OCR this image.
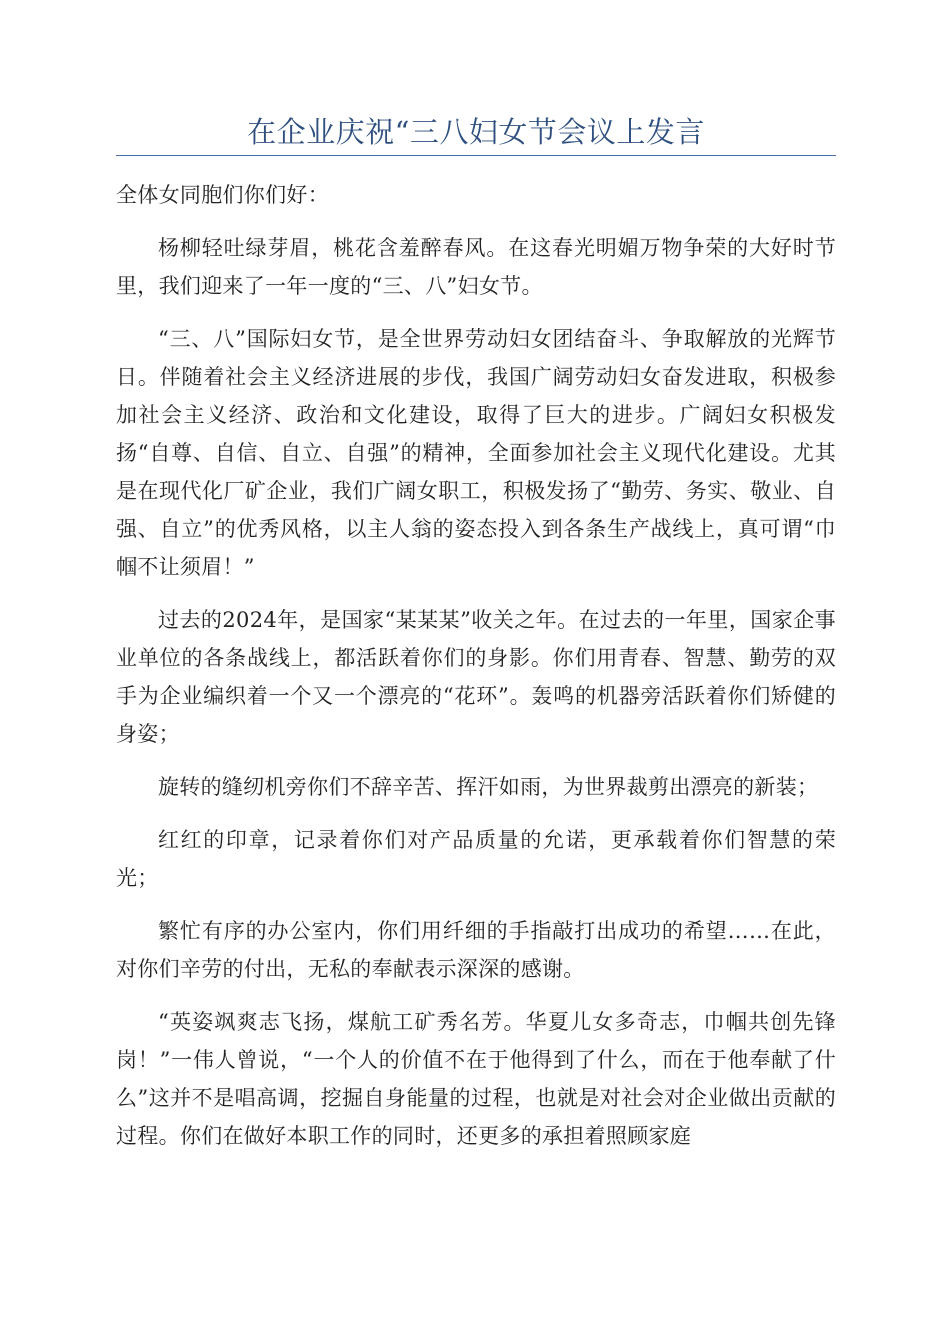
在企业庆祝“三八妇女节会议上发言

全体女同胞们你们好：

杨柳轻吐绿芽眉，桃花含羞醉春风。在这春光明媚万物争荣的大好时节里，我们迎来了一年一度的“三、八”妇女节。

“三、八”国际妇女节，是全世界劳动妇女团结奋斗、争取解放的光辉节日。伴随着社会主义经济进展的步伐，我国广阔劳动妇女奋发进取，积极参加社会主义经济、政治和文化建设，取得了巨大的进步。广阔妇女积极发扬“自尊、自信、自立、自强”的精神，全面参加社会主义现代化建设。尤其是在现代化厂矿企业，我们广阔女职工，积极发扬了“勤劳、务实、敬业、自强、自立”的优秀风格，以主人翁的姿态投入到各条生产战线上，真可谓“巾帼不让须眉！”

过去的2024年，是国家“某某某”收关之年。在过去的一年里，国家企事业单位的各条战线上，都活跃着你们的身影。你们用青春、智慧、勤劳的双手为企业编织着一个又一个漂亮的“花环”。轰鸣的机器旁活跃着你们矫健的身姿；

旋转的缝纫机旁你们不辞辛苦、挥汗如雨，为世界裁剪出漂亮的新装；

红红的印章，记录着你们对产品质量的允诺，更承载着你们智慧的荣光；

繁忙有序的办公室内，你们用纤细的手指敲打出成功的希望……在此，对你们辛劳的付出，无私的奉献表示深深的感谢。

“英姿飒爽志飞扬，煤航工矿秀名芳。华夏儿女多奇志，巾帼共创先锋岗！”一伟人曾说，“一个人的价值不在于他得到了什么，而在于他奉献了什么”这并不是唱高调，挖掘自身能量的过程，也就是对社会对企业做出贡献的过程。你们在做好本职工作的同时，还更多的承担着照顾家庭
